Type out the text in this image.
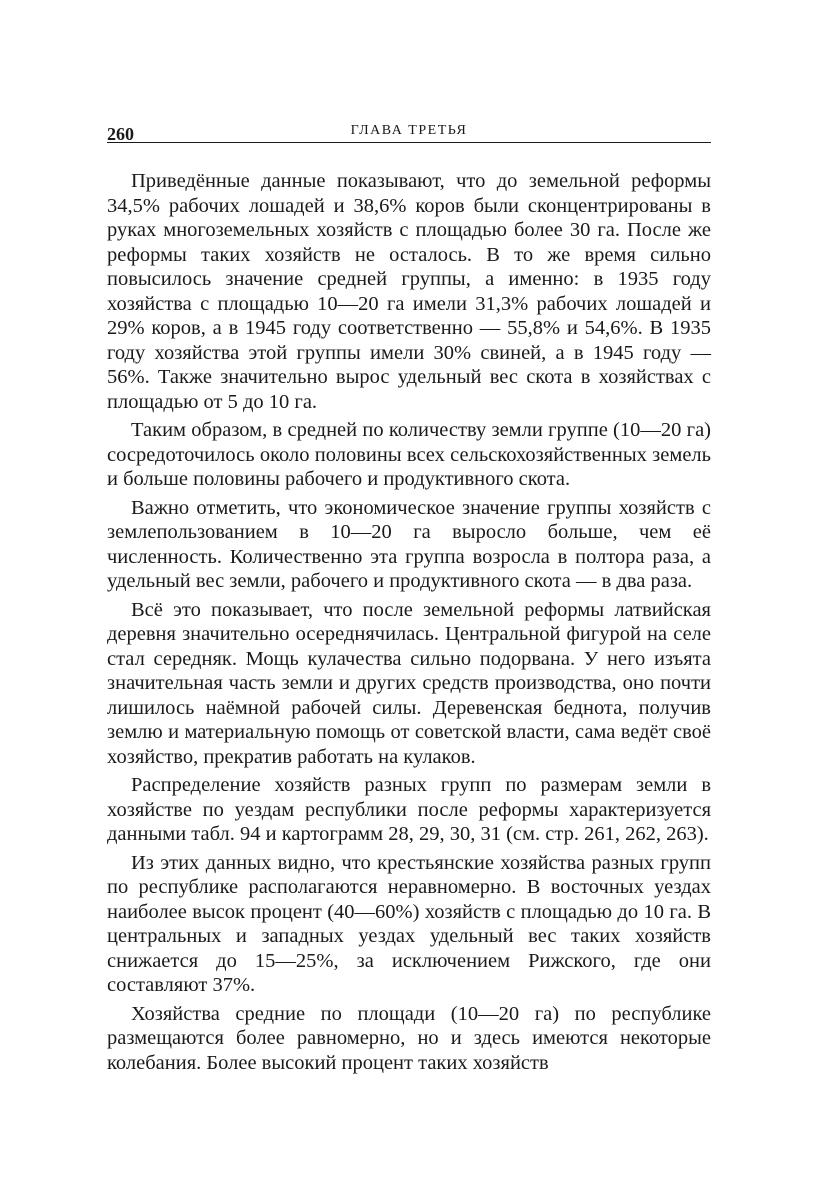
260	ГЛАВА ТРЕТЬЯ

Приведённые данные показывают, что до земельной реформы 34,5% рабочих лошадей и 38,6% коров были сконцентрированы в руках многоземельных хозяйств с площадью более 30 га. После же реформы таких хозяйств не осталось. В то же время сильно повысилось значение средней группы, а именно: в 1935 году хозяйства с площадью 10—20 га имели 31,3% рабочих лошадей и 29% коров, а в 1945 году соответственно — 55,8% и 54,6%. В 1935 году хозяйства этой группы имели 30% свиней, а в 1945 году — 56%. Также значительно вырос удельный вес скота в хозяйствах с площадью от 5 до 10 га.

Таким образом, в средней по количеству земли группе (10—20 га) сосредоточилось около половины всех сельскохозяйственных земель и больше половины рабочего и продуктивного скота.

Важно отметить, что экономическое значение группы хозяйств с землепользованием в 10—20 га выросло больше, чем её численность. Количественно эта группа возросла в полтора раза, а удельный вес земли, рабочего и продуктивного скота — в два раза.

Всё это показывает, что после земельной реформы латвийская деревня значительно осереднячилась. Центральной фигурой на селе стал середняк. Мощь кулачества сильно подорвана. У него изъята значительная часть земли и других средств производства, оно почти лишилось наёмной рабочей силы. Деревенская беднота, получив землю и материальную помощь от советской власти, сама ведёт своё хозяйство, прекратив работать на кулаков.

Распределение хозяйств разных групп по размерам земли в хозяйстве по уездам республики после реформы характеризуется данными табл. 94 и картограмм 28, 29, 30, 31 (см. стр. 261, 262, 263).

Из этих данных видно, что крестьянские хозяйства разных групп по республике располагаются неравномерно. В восточных уездах наиболее высок процент (40—60%) хозяйств с площадью до 10 га. В центральных и западных уездах удельный вес таких хозяйств снижается до 15—25%, за исключением Рижского, где они составляют 37%.

Хозяйства средние по площади (10—20 га) по республике размещаются более равномерно, но и здесь имеются некоторые колебания. Более высокий процент таких хозяйств
